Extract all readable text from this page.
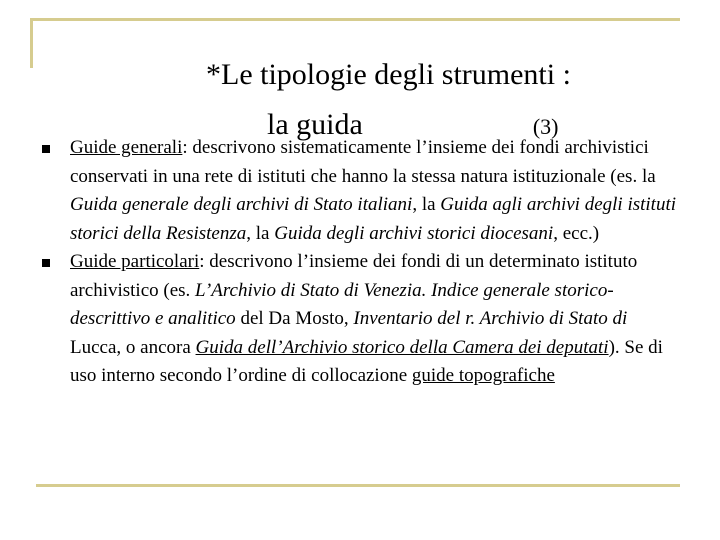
*Le tipologie degli strumenti :
la guida	(3)
Guide generali: descrivono sistematicamente l’insieme dei fondi archivistici conservati in una rete di istituti che hanno la stessa natura istituzionale (es. la Guida generale degli archivi di Stato italiani, la Guida agli archivi degli istituti storici della Resistenza, la Guida degli archivi storici diocesani, ecc.)
Guide particolari: descrivono l’insieme dei fondi di un determinato istituto archivistico (es. L’Archivio di Stato di Venezia. Indice generale storico-descrittivo e analitico del Da Mosto, Inventario del r. Archivio di Stato di Lucca, o ancora Guida dell’Archivio storico della Camera dei deputati). Se di uso interno secondo l’ordine di collocazione guide topografiche
